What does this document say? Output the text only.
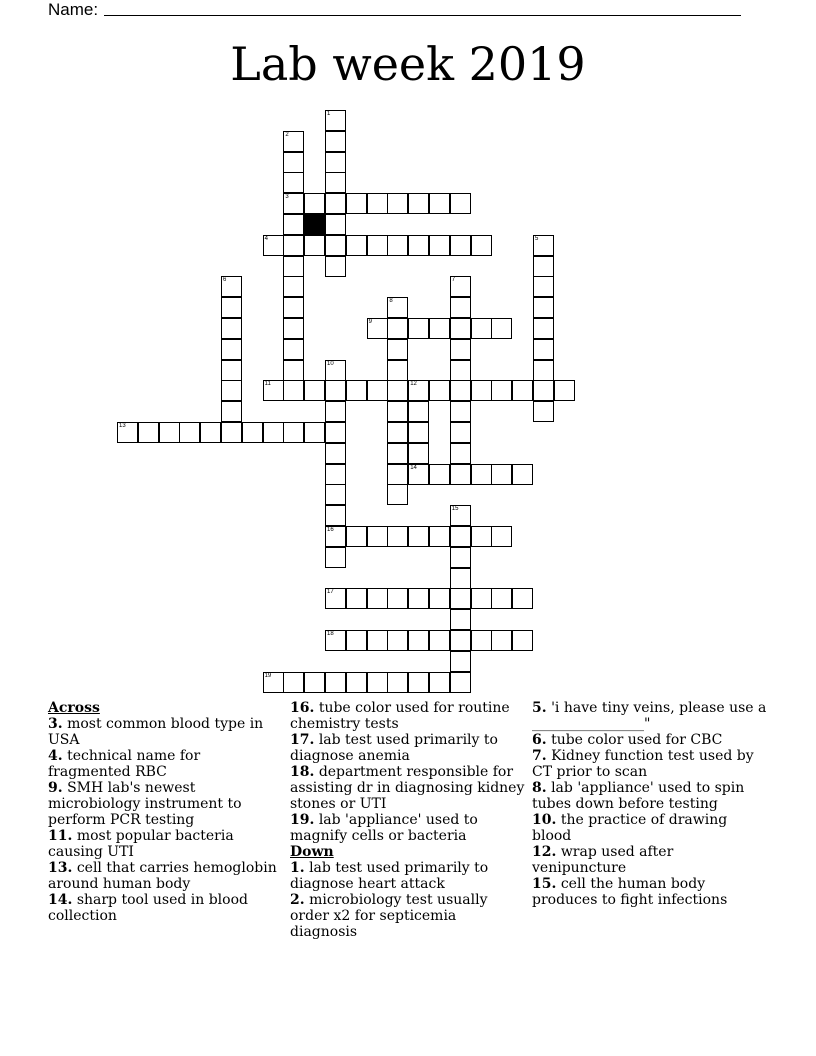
Name:
Lab week 2019
1
2
3
4	5
6	7
8
9
10
16
11	12
13
14
15
17
18
19
Across
3. most common blood type in USA
4. technical name for fragmented RBC
9. SMH lab's newest microbiology instrument to perform PCR testing
11. most popular bacteria causing UTI
13. cell that carries hemoglobin around human body
14. sharp tool used in blood collection
16. tube color used for routine chemistry tests
17. lab test used primarily to diagnose anemia
18. department responsible for assisting dr in diagnosing kidney stones or UTI
19. lab 'appliance' used to magnify cells or bacteria
Down
1. lab test used primarily to diagnose heart attack
2. microbiology test usually order x2 for septicemia diagnosis
5. 'i have tiny veins, please use a ________________"
6. tube color used for CBC
7. Kidney function test used by CT prior to scan
8. lab 'appliance' used to spin tubes down before testing
10. the practice of drawing blood
12. wrap used after venipuncture
15. cell the human body produces to fight infections
